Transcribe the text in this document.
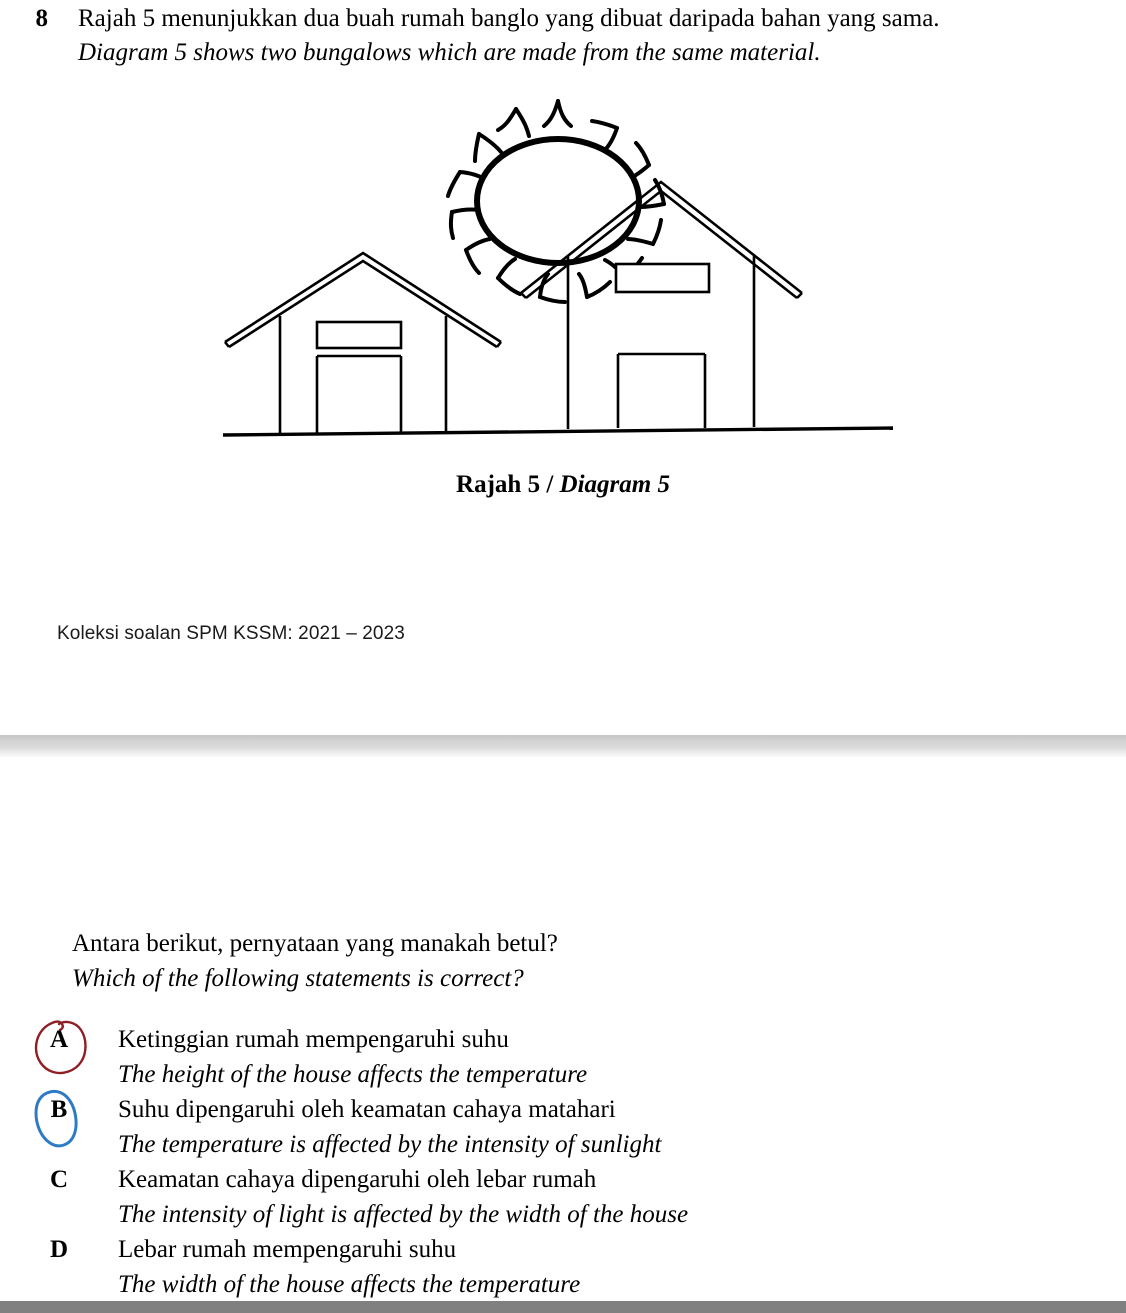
8 Rajah 5 menunjukkan dua buah rumah banglo yang dibuat daripada bahan yang sama.
Diagram 5 shows two bungalows which are made from the same material.
Rajah 5 / Diagram 5
Koleksi soalan SPM KSSM: 2021 – 2023
Antara berikut, pernyataan yang manakah betul?
Which of the following statements is correct?
A	Ketinggian rumah mempengaruhi suhu
The height of the house affects the temperature
B	Suhu dipengaruhi oleh keamatan cahaya matahari
The temperature is affected by the intensity of sunlight
C	Keamatan cahaya dipengaruhi oleh lebar rumah
The intensity of light is affected by the width of the house
D	Lebar rumah mempengaruhi suhu
The width of the house affects the temperature
